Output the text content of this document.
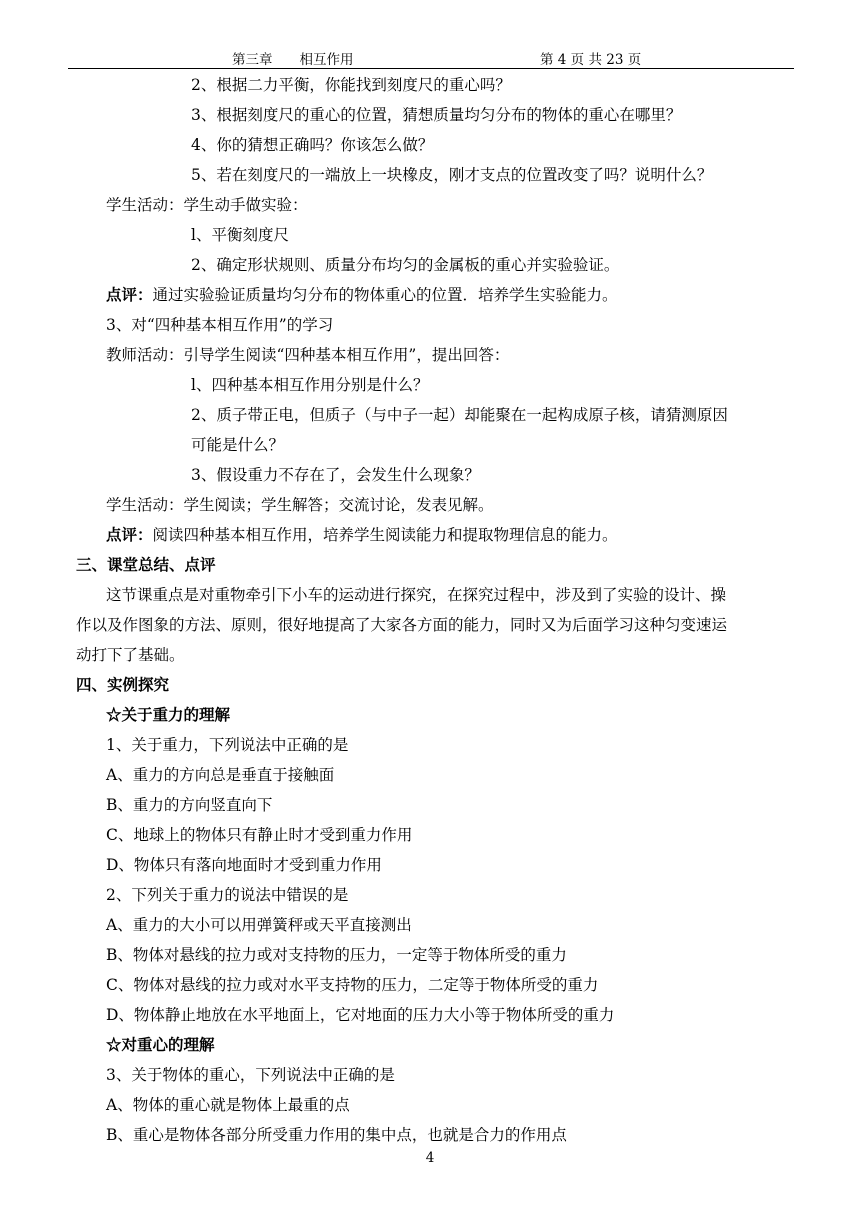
第三章　　相互作用	第 4 页 共 23 页
2、根据二力平衡，你能找到刻度尺的重心吗？
3、根据刻度尺的重心的位置，猜想质量均匀分布的物体的重心在哪里？
4、你的猜想正确吗？你该怎么做？
5、若在刻度尺的一端放上一块橡皮，刚才支点的位置改变了吗？说明什么？
学生活动：学生动手做实验：
l、平衡刻度尺
2、确定形状规则、质量分布均匀的金属板的重心并实验验证。
点评：通过实验验证质量均匀分布的物体重心的位置．培养学生实验能力。
3、对“四种基本相互作用”的学习
教师活动：引导学生阅读“四种基本相互作用”，提出回答：
l、四种基本相互作用分别是什么？
2、质子带正电，但质子（与中子一起）却能聚在一起构成原子核，请猜测原因
可能是什么？
3、假设重力不存在了，会发生什么现象？
学生活动：学生阅读；学生解答；交流讨论，发表见解。
点评：阅读四种基本相互作用，培养学生阅读能力和提取物理信息的能力。
三、课堂总结、点评
这节课重点是对重物牵引下小车的运动进行探究，在探究过程中，涉及到了实验的设计、操
作以及作图象的方法、原则，很好地提高了大家各方面的能力，同时又为后面学习这种匀变速运
动打下了基础。
四、实例探究
☆关于重力的理解
1、关于重力，下列说法中正确的是
A、重力的方向总是垂直于接触面
B、重力的方向竖直向下
C、地球上的物体只有静止时才受到重力作用
D、物体只有落向地面时才受到重力作用
2、下列关于重力的说法中错误的是
A、重力的大小可以用弹簧秤或天平直接测出
B、物体对悬线的拉力或对支持物的压力，一定等于物体所受的重力
C、物体对悬线的拉力或对水平支持物的压力，二定等于物体所受的重力
D、物体静止地放在水平地面上，它对地面的压力大小等于物体所受的重力
☆对重心的理解
3、关于物体的重心，下列说法中正确的是
A、物体的重心就是物体上最重的点
B、重心是物体各部分所受重力作用的集中点，也就是合力的作用点
4
